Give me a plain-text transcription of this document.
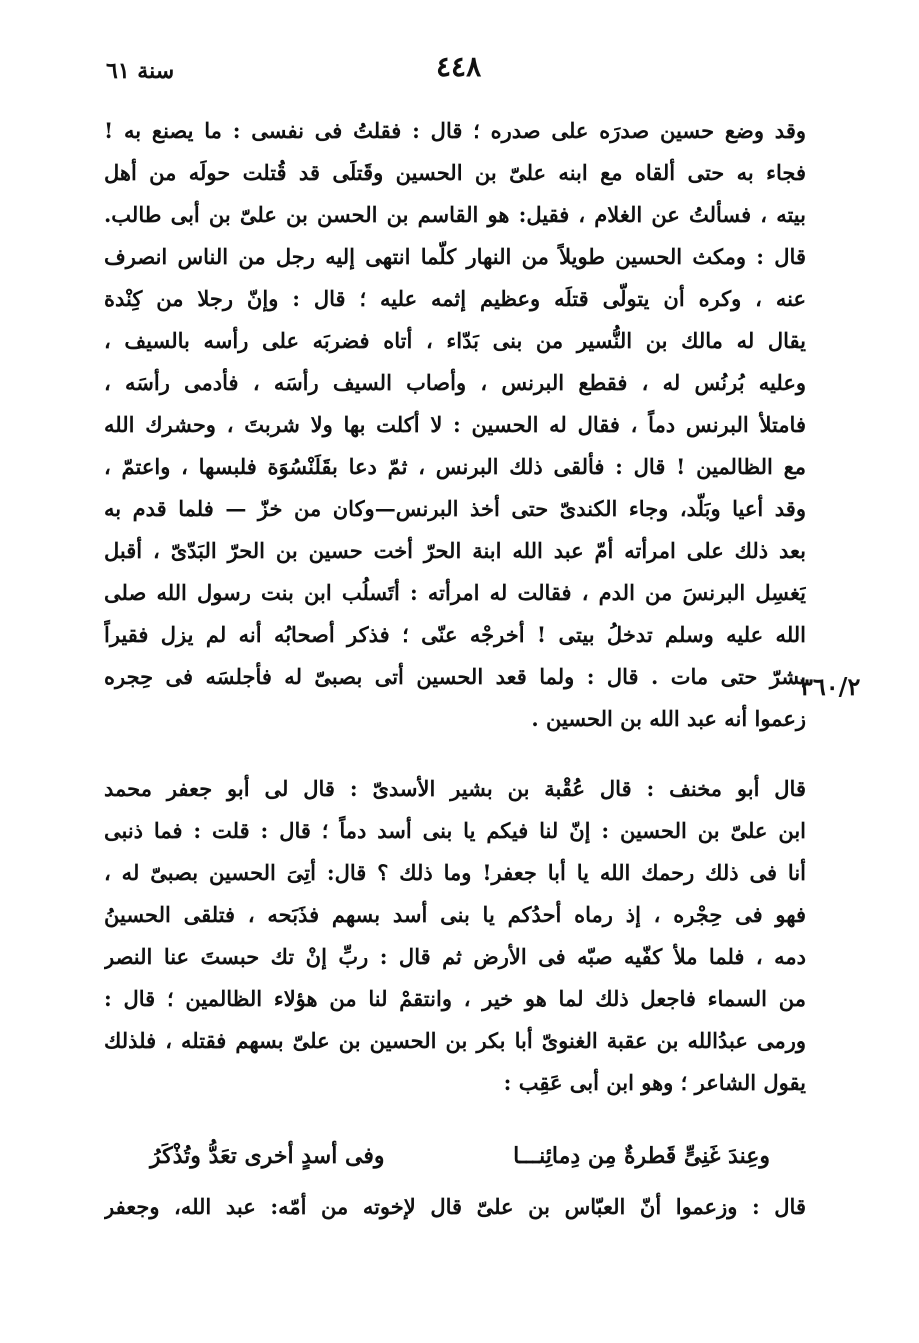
سنة ٦١	٤٤٨
وقد وضع حسين صدرَه على صدره ؛ قال : فقلتُ فى نفسى : ما يصنع به !
فجاء به حتى ألقاه مع ابنه علىّ بن الحسين وقَتلَى قد قُتلت حولَه من أهل
بيته ، فسألتُ عن الغلام ، فقيل: هو القاسم بن الحسن بن علىّ بن أبى طالب.
قال : ومكث الحسين طويلاً من النهار كلّما انتهى إليه رجل من الناس انصرف
عنه ، وكره أن يتولّى قتلَه وعظيم إثمه عليه ؛ قال : وإنّ رجلا من كِنْدة
يقال له مالك بن النُّسير من بنى بَدّاء ، أتاه فضربَه على رأسه بالسيف ،
وعليه بُرنُس له ، فقطع البرنس ، وأصاب السيف رأسَه ، فأدمى رأسَه ،
فامتلأ البرنس دماً ، فقال له الحسين : لا أكلت بها ولا شربتَ ، وحشرك الله
مع الظالمين ! قال : فألقى ذلك البرنس ، ثمّ دعا بقَلَنْسُوَة فلبسها ، واعتمّ ،
وقد أعيا وبَلّد، وجاء الكندىّ حتى أخذ البرنس—وكان من خزّ — فلما قدم به
بعد ذلك على امرأته أمّ عبد الله ابنة الحرّ أخت حسين بن الحرّ البَدّىّ ، أقبل
يَغسِل البرنسَ من الدم ، فقالت له امرأته : أتَسلُب ابن بنت رسول الله صلى
الله عليه وسلم تدخلُ بيتى ! أخرجْه عنّى ؛ فذكر أصحابُه أنه لم يزل فقيراً
بشرّ حتى مات . قال : ولما قعد الحسين أتى بصبىّ له فأجلسَه فى حِجره
زعموا أنه عبد الله بن الحسين .
٣٦٠/٢
قال أبو مخنف : قال عُقْبة بن بشير الأسدىّ : قال لى أبو جعفر محمد
ابن علىّ بن الحسين : إنّ لنا فيكم يا بنى أسد دماً ؛ قال : قلت : فما ذنبى
أنا فى ذلك رحمك الله يا أبا جعفر! وما ذلك ؟ قال: أتِىَ الحسين بصبىّ له ،
فهو فى حِجْره ، إذ رماه أحدُكم يا بنى أسد بسهم فذَبَحه ، فتلقى الحسينُ
دمه ، فلما ملأ كفّيه صبّه فى الأرض ثم قال : ربِّ إنْ تك حبستَ عنا النصر
من السماء فاجعل ذلك لما هو خير ، وانتقمْ لنا من هؤلاء الظالمين ؛ قال :
ورمى عبدُالله بن عقبة الغنوىّ أبا بكر بن الحسين بن علىّ بسهم فقتله ، فلذلك
يقول الشاعر ؛ وهو ابن أبى عَقِب :
وعِندَ غَنِىٍّ قَطرةٌ مِن دِمائِنـــا
وفى أسدٍ أخرى تعَدُّ وتُذْكَرُ
قال : وزعموا أنّ العبّاس بن علىّ قال لإخوته من أمّه: عبد الله، وجعفر
